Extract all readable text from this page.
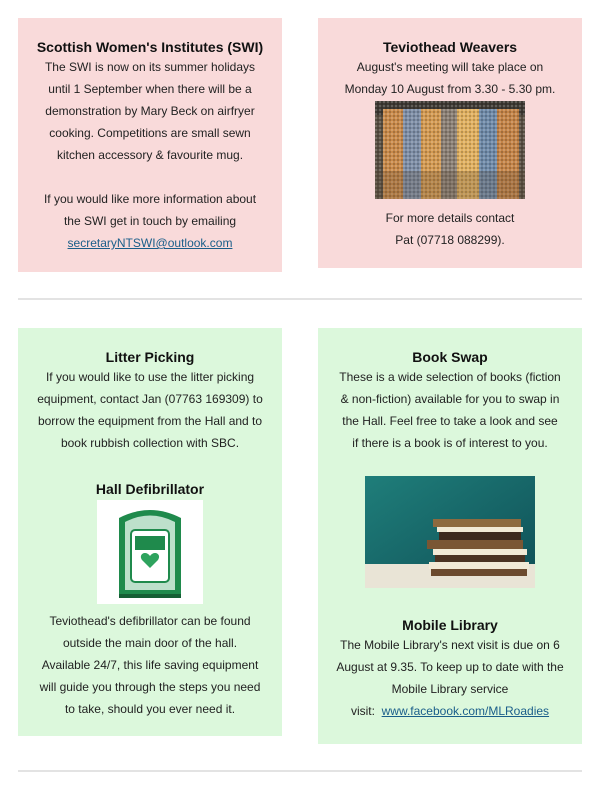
Scottish Women's Institutes (SWI)

The SWI is now on its summer holidays

until 1 September when there will be a

demonstration by Mary Beck on airfryer

cooking. Competitions are small sewn

kitchen accessory & favourite mug.

If you would like more information about

the SWI get in touch by emailing

secretaryNTSWI@outlook.com

Teviothead Weavers

August's meeting will take place on

Monday 10 August from 3.30 - 5.30 pm.

For more details contact

Pat (07718 088299).

Litter Picking

If you would like to use the litter picking

equipment, contact Jan (07763 169309) to

borrow the equipment from the Hall and to

book rubbish collection with SBC.

Hall Defibrillator

Teviothead's defibrillator can be found

outside the main door of the hall.

Available 24/7, this life saving equipment

will guide you through the steps you need

to take, should you ever need it.

Book Swap

These is a wide selection of books (fiction

& non-fiction) available for you to swap in

the Hall. Feel free to take a look and see

if there is a book is of interest to you.

Mobile Library

The Mobile Library's next visit is due on 6

August at 9.35. To keep up to date with the

Mobile Library service

visit: www.facebook.com/MLRoadies
